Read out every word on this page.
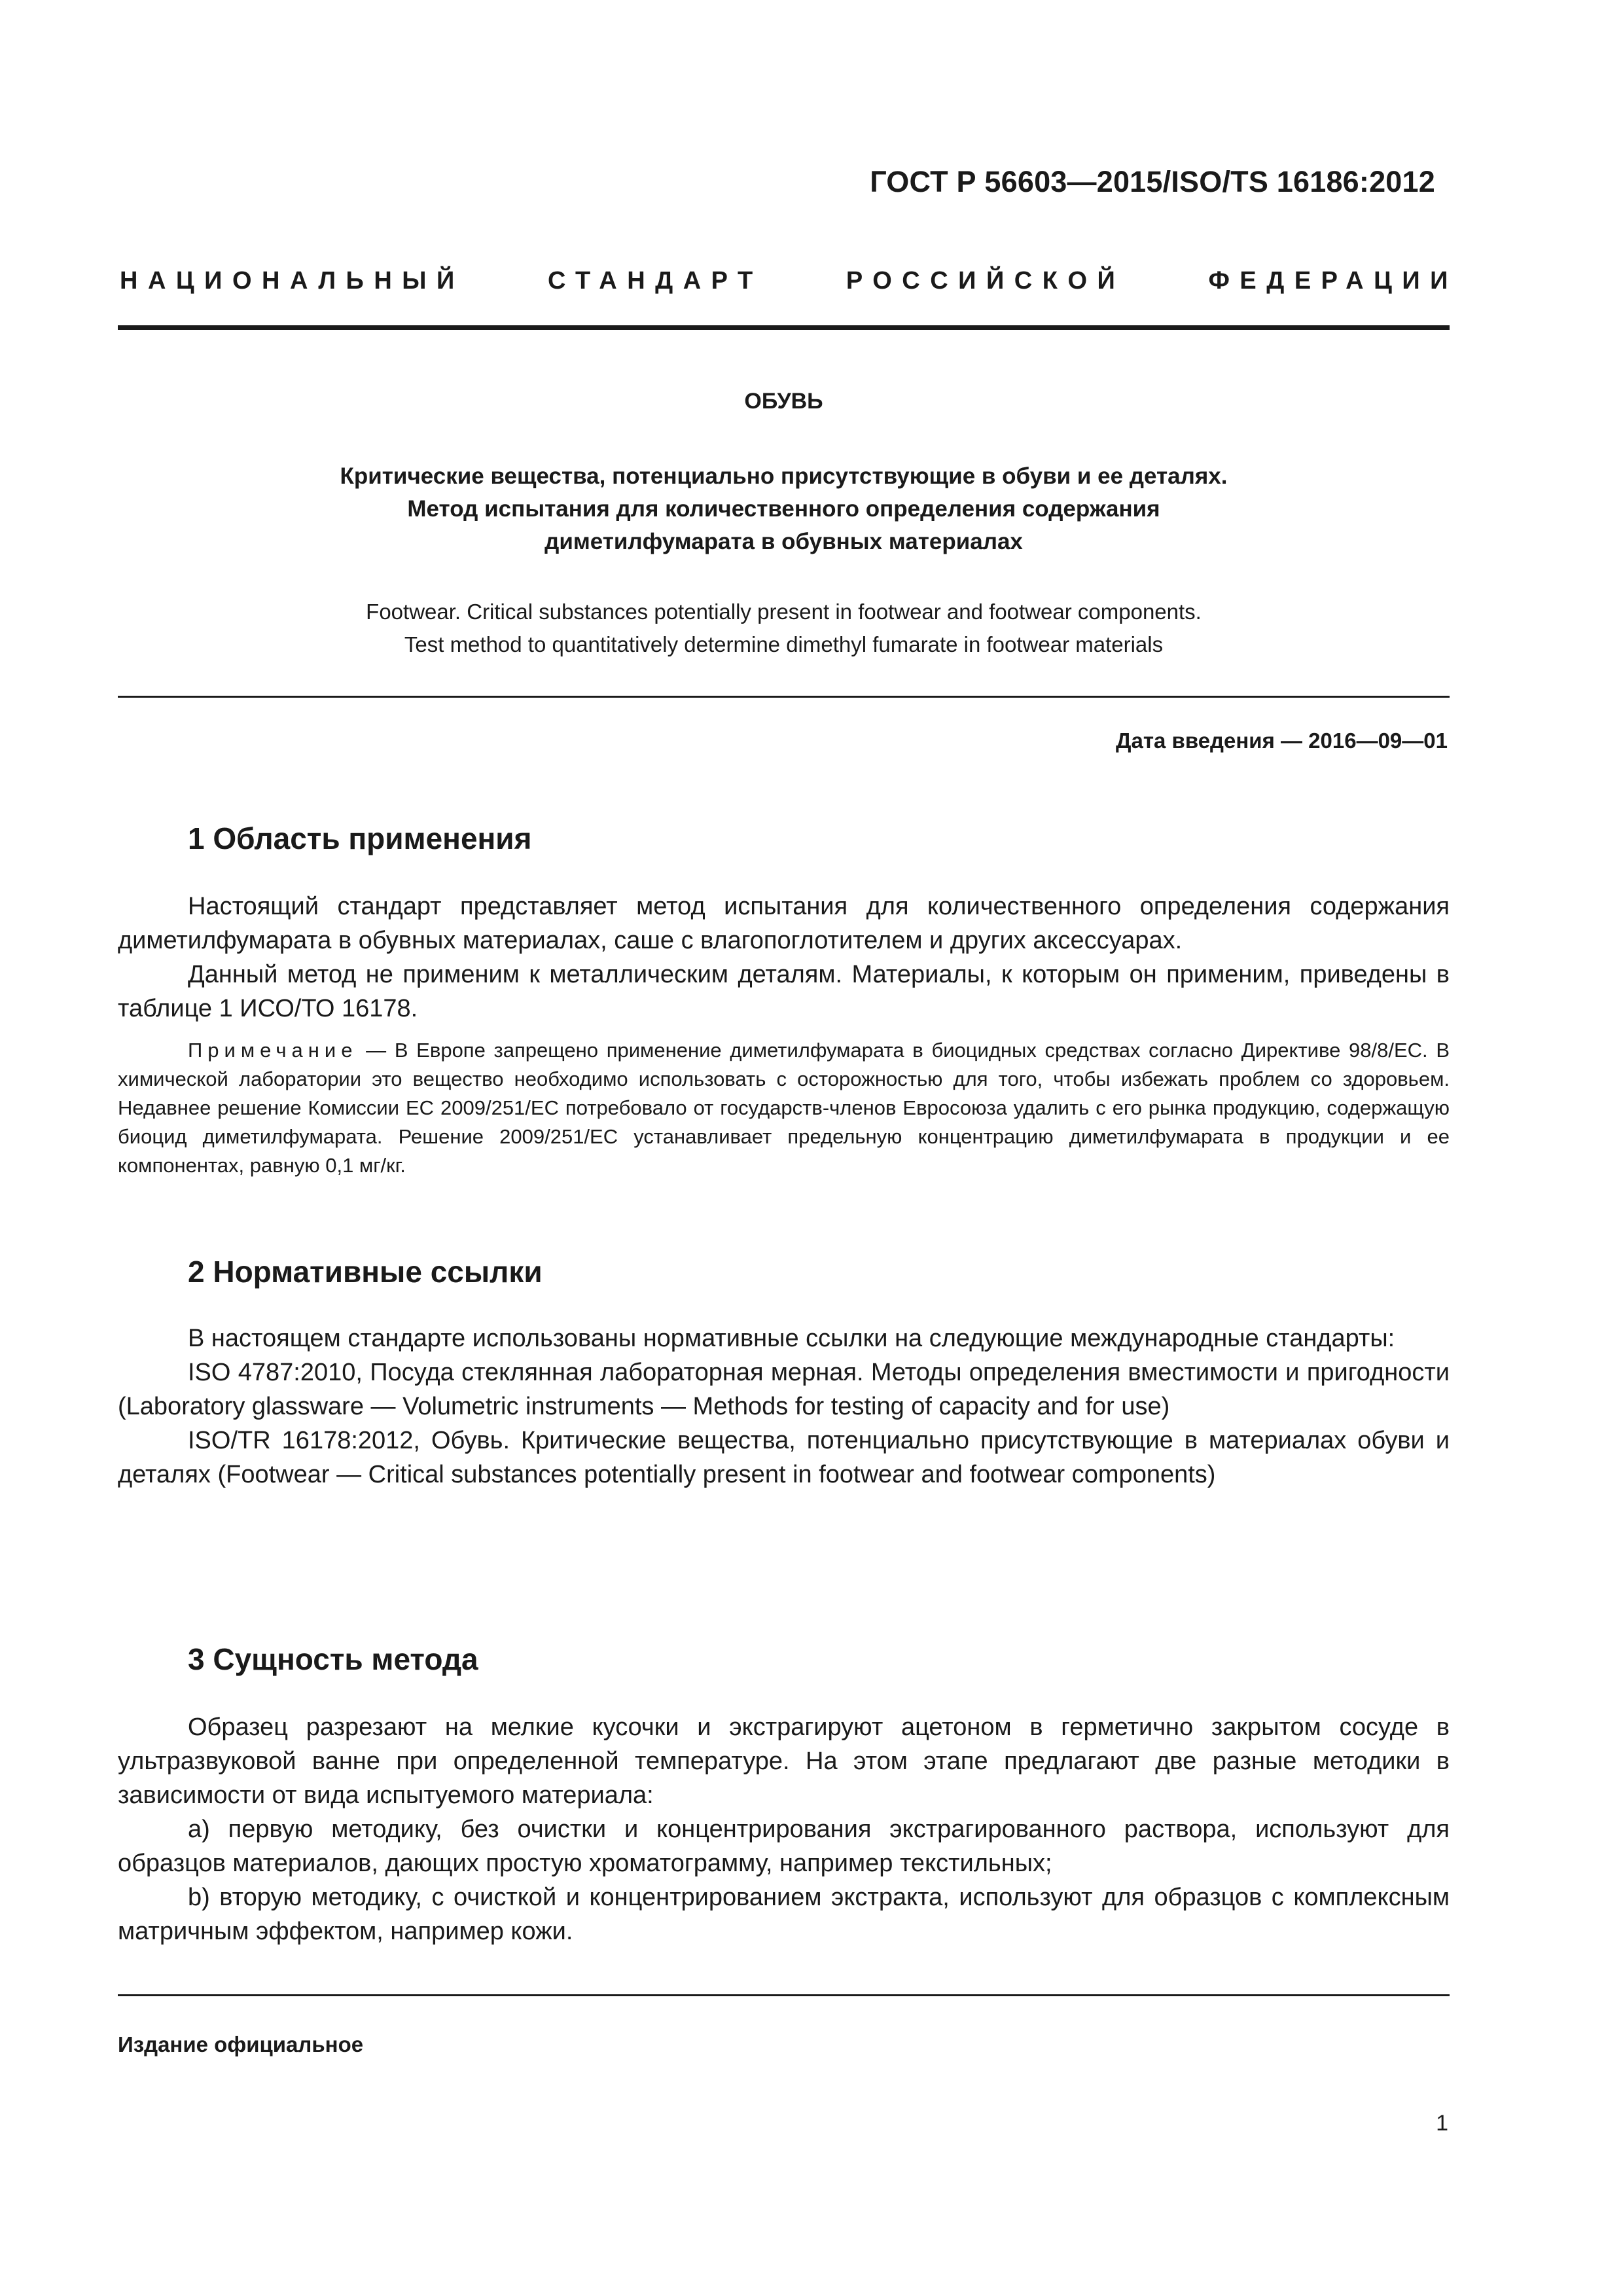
ГОСТ Р 56603—2015/ISO/TS 16186:2012
НАЦИОНАЛЬНЫЙ	СТАНДАРТ	РОССИЙСКОЙ	ФЕДЕРАЦИИ
ОБУВЬ
Критические вещества, потенциально присутствующие в обуви и ее деталях.
Метод испытания для количественного определения содержания
диметилфумарата в обувных материалах
Footwear. Critical substances potentially present in footwear and footwear components.
Test method to quantitatively determine dimethyl fumarate in footwear materials
Дата введения — 2016—09—01
1 Область применения

Настоящий стандарт представляет метод испытания для количественного определения содержания диметилфумарата в обувных материалах, саше с влагопоглотителем и других аксессуарах.

Данный метод не применим к металлическим деталям. Материалы, к которым он применим, приведены в таблице 1 ИСО/ТО 16178.

Примечание — В Европе запрещено применение диметилфумарата в биоцидных средствах согласно Директиве 98/8/ЕС. В химической лаборатории это вещество необходимо использовать с осторожностью для того, чтобы избежать проблем со здоровьем. Недавнее решение Комиссии ЕС 2009/251/ЕС потребовало от государств-членов Евросоюза удалить с его рынка продукцию, содержащую биоцид диметилфумарата. Решение 2009/251/ЕС устанавливает предельную концентрацию диметилфумарата в продукции и ее компонентах, равную 0,1 мг/кг.

2 Нормативные ссылки

В настоящем стандарте использованы нормативные ссылки на следующие международные стандарты:

ISO 4787:2010, Посуда стеклянная лабораторная мерная. Методы определения вместимости и пригодности (Laboratory glassware — Volumetric instruments — Methods for testing of capacity and for use)

ISO/TR 16178:2012, Обувь. Критические вещества, потенциально присутствующие в материалах обуви и деталях (Footwear — Critical substances potentially present in footwear and footwear components)

3 Сущность метода

Образец разрезают на мелкие кусочки и экстрагируют ацетоном в герметично закрытом сосуде в ультразвуковой ванне при определенной температуре. На этом этапе предлагают две разные методики в зависимости от вида испытуемого материала:

а) первую методику, без очистки и концентрирования экстрагированного раствора, используют для образцов материалов, дающих простую хроматограмму, например текстильных;

b) вторую методику, с очисткой и концентрированием экстракта, используют для образцов с комплексным матричным эффектом, например кожи.

Издание официальное
1
